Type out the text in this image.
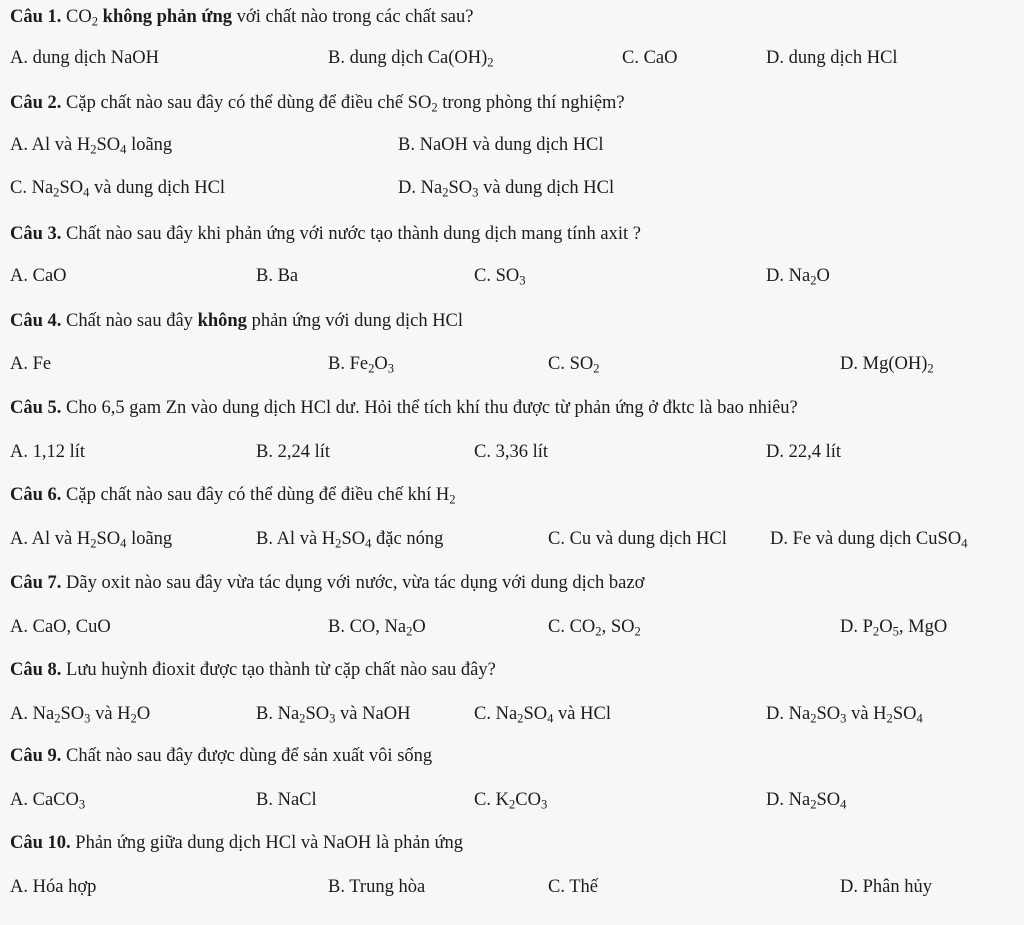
Câu 1. $CO_2$ không phản ứng với chất nào trong các chất sau?
A. dung dịch NaOH	B. dung dịch $Ca(OH)_2$	C. CaO	D. dung dịch HCl
Câu 2. Cặp chất nào sau đây có thể dùng để điều chế $SO_2$ trong phòng thí nghiệm?
A. Al và $H_2SO_4$ loãng	B. NaOH và dung dịch HCl
C. $Na_2SO_4$ và dung dịch HCl	D. $Na_2SO_3$ và dung dịch HCl
Câu 3. Chất nào sau đây khi phản ứng với nước tạo thành dung dịch mang tính axit ?
A. CaO	B. Ba	C. $SO_3$	D. $Na_2O$
Câu 4. Chất nào sau đây không phản ứng với dung dịch HCl
A. Fe	B. $Fe_2O_3$	C. $SO_2$	D. $Mg(OH)_2$
Câu 5. Cho 6,5 gam Zn vào dung dịch HCl dư. Hỏi thể tích khí thu được từ phản ứng ở đktc là bao nhiêu?
A. 1,12 lít	B. 2,24 lít	C. 3,36 lít	D. 22,4 lít
Câu 6. Cặp chất nào sau đây có thể dùng để điều chế khí $H_2$
A. Al và $H_2SO_4$ loãng	B. Al và $H_2SO_4$ đặc nóng	C. Cu và dung dịch HCl D. Fe và dung dịch CuSO$_4$
Câu 7. Dãy oxit nào sau đây vừa tác dụng với nước, vừa tác dụng với dung dịch bazơ
A. CaO, CuO	B. CO, $Na_2O$	C. $CO_2$, $SO_2$	D. $P_2O_5$, MgO
Câu 8. Lưu huỳnh đioxit được tạo thành từ cặp chất nào sau đây?
A. $Na_2SO_3$ và $H_2O$	B. $Na_2SO_3$ và NaOH	C. $Na_2SO_4$ và HCl	D. $Na_2SO_3$ và $H_2SO_4$
Câu 9. Chất nào sau đây được dùng để sản xuất vôi sống
A. CaCO$_3$	B. NaCl	C. $K_2CO_3$	D. $Na_2SO_4$
Câu 10. Phản ứng giữa dung dịch HCl và NaOH là phản ứng
A. Hóa hợp	B. Trung hòa	C. Thế	D. Phân hủy
